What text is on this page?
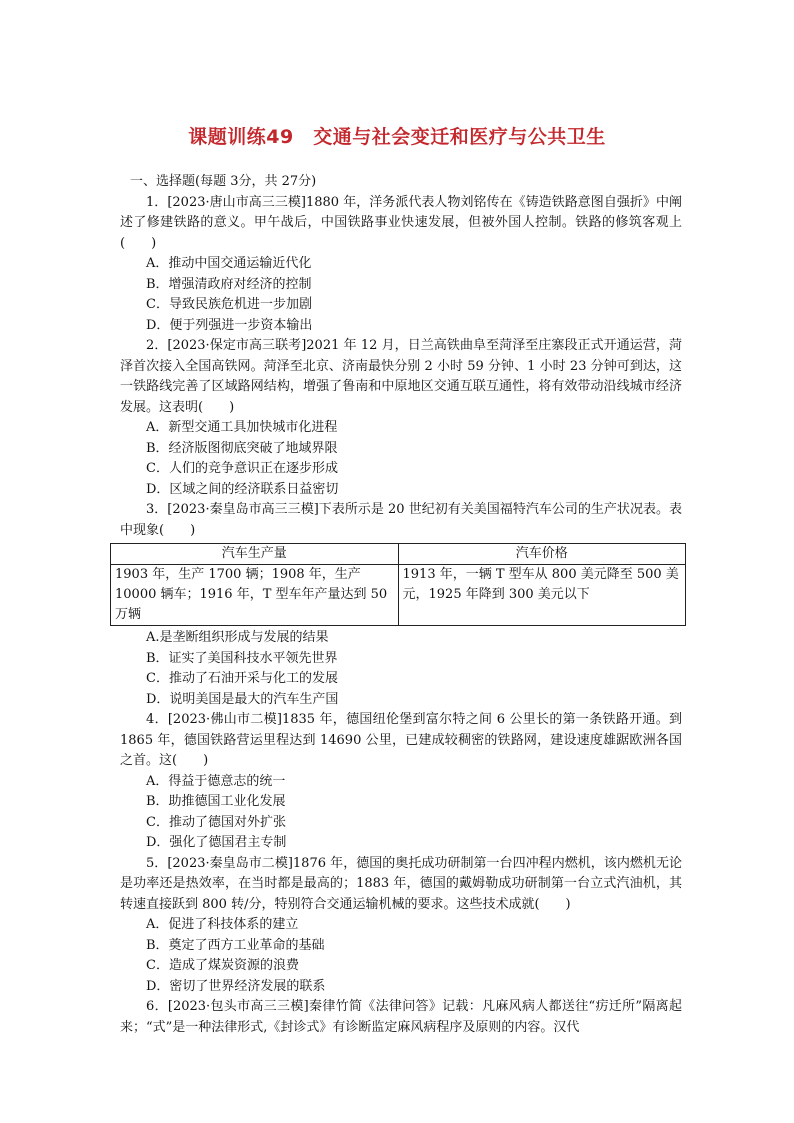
课题训练49　交通与社会变迁和医疗与公共卫生

一、选择题(每题 3分，共 27分)

1．[2023·唐山市高三三模]1880 年，洋务派代表人物刘铭传在《铸造铁路意图自强折》中阐述了修建铁路的意义。甲午战后，中国铁路事业快速发展，但被外国人控制。铁路的修筑客观上(　　)

A．推动中国交通运输近代化

B．增强清政府对经济的控制

C．导致民族危机进一步加剧

D．便于列强进一步资本输出

2．[2023·保定市高三联考]2021 年 12 月，日兰高铁曲阜至菏泽至庄寨段正式开通运营，菏泽首次接入全国高铁网。菏泽至北京、济南最快分别 2 小时 59 分钟、1 小时 23 分钟可到达，这一铁路线完善了区域路网结构，增强了鲁南和中原地区交通互联互通性，将有效带动沿线城市经济发展。这表明(　　)

A．新型交通工具加快城市化进程

B．经济版图彻底突破了地域界限

C．人们的竞争意识正在逐步形成

D．区域之间的经济联系日益密切

3．[2023·秦皇岛市高三三模]下表所示是 20 世纪初有关美国福特汽车公司的生产状况表。表中现象(　　)

汽车生产量	汽车价格
1903 年，生产 1700 辆；1908 年，生产 10000 辆车；1916 年，T 型车年产量达到 50 万辆	1913 年，一辆 T 型车从 800 美元降至 500 美元，1925 年降到 300 美元以下

A.是垄断组织形成与发展的结果

B．证实了美国科技水平领先世界

C．推动了石油开采与化工的发展

D．说明美国是最大的汽车生产国

4．[2023·佛山市二模]1835 年，德国纽伦堡到富尔特之间 6 公里长的第一条铁路开通。到 1865 年，德国铁路营运里程达到 14690 公里，已建成较稠密的铁路网，建设速度雄踞欧洲各国之首。这(　　)

A．得益于德意志的统一

B．助推德国工业化发展

C．推动了德国对外扩张

D．强化了德国君主专制

5．[2023·秦皇岛市二模]1876 年，德国的奥托成功研制第一台四冲程内燃机，该内燃机无论是功率还是热效率，在当时都是最高的；1883 年，德国的戴姆勒成功研制第一台立式汽油机，其转速直接跃到 800 转/分，特别符合交通运输机械的要求。这些技术成就(　　)

A．促进了科技体系的建立

B．奠定了西方工业革命的基础

C．造成了煤炭资源的浪费

D．密切了世界经济发展的联系

6．[2023·包头市高三三模]秦律竹简《法律问答》记载：凡麻风病人都送往“疠迁所”隔离起来；“式”是一种法律形式,《封诊式》有诊断监定麻风病程序及原则的内容。汉代
